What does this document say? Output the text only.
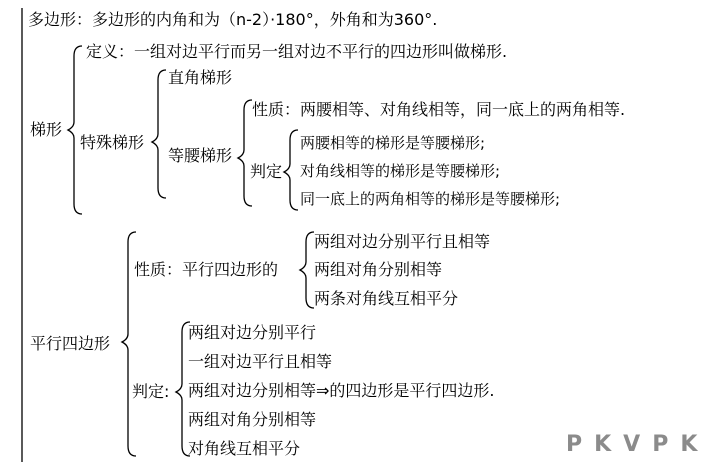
多边形：多边形的内角和为（n-2）·180°，外角和为360°.
梯形
定义：一组对边平行而另一组对边不平行的四边形叫做梯形.
特殊梯形
直角梯形
等腰梯形
性质：两腰相等、对角线相等，同一底上的两角相等.
判定
两腰相等的梯形是等腰梯形;
对角线相等的梯形是等腰梯形;
同一底上的两角相等的梯形是等腰梯形;
平行四边形
性质：平行四边形的
两组对边分别平行且相等
两组对角分别相等
两条对角线互相平分
判定:
两组对边分别平行
一组对边平行且相等
两组对边分别相等⇒的四边形是平行四边形.
两组对角分别相等
对角线互相平分	PKVPK
